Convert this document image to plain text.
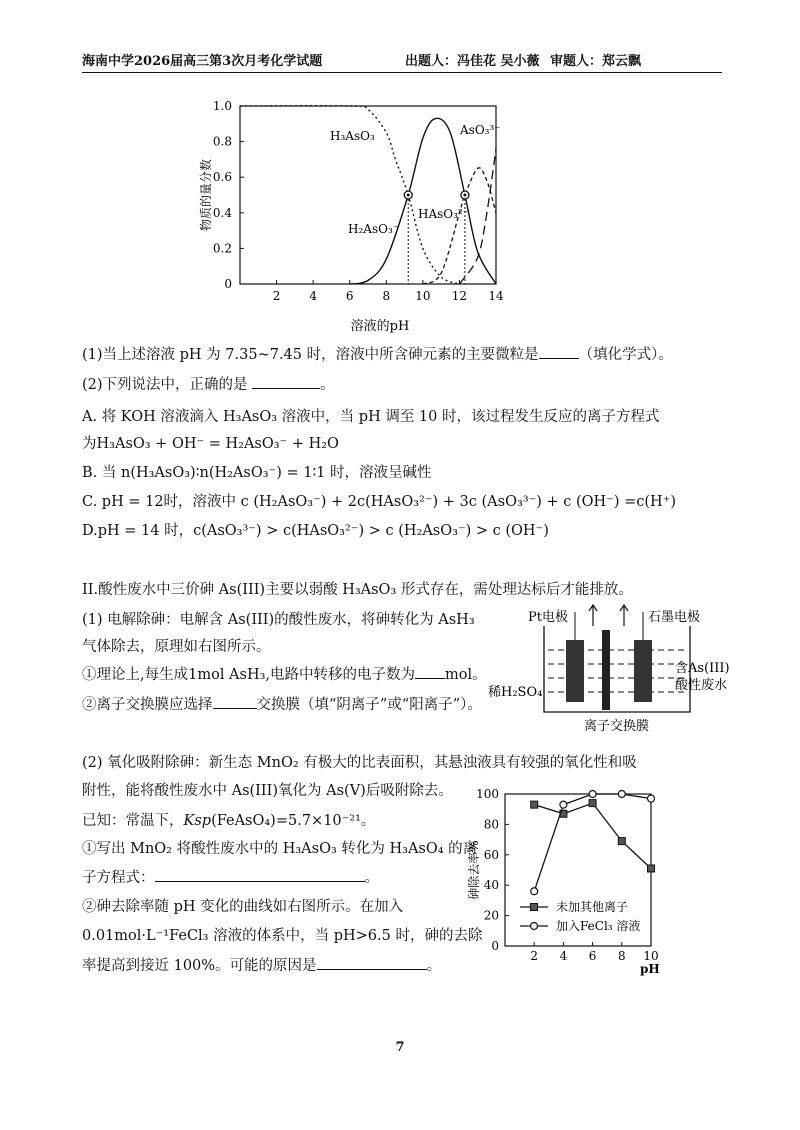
海南中学2026届高三第3次月考化学试题	出题人：冯佳花 吴小薇 审题人：郑云飘
2 4 6 8 10 12 14
0
0.2
0.4
0.6
0.8
1.0
物质的量分数
溶液的pH
H₃AsO₃
H₂AsO₃⁻
HAsO₃²⁻
AsO₃³⁻
(1)当上述溶液 pH 为 7.35~7.45 时，溶液中所含砷元素的主要微粒是	（填化学式）。
(2)下列说法中，正确的是	。
A. 将 KOH 溶液滴入 H₃AsO₃ 溶液中，当 pH 调至 10 时，该过程发生反应的离子方程式
为H₃AsO₃ + OH⁻ = H₂AsO₃⁻ + H₂O
B. 当 n(H₃AsO₃)∶n(H₂AsO₃⁻) = 1∶1 时，溶液呈碱性
C. pH = 12时，溶液中 c (H₂AsO₃⁻) + 2c(HAsO₃²⁻) + 3c (AsO₃³⁻) + c (OH⁻) =c(H⁺)
D.pH = 14 时，c(AsO₃³⁻) > c(HAsO₃²⁻) > c (H₂AsO₃⁻) > c (OH⁻)
II.酸性废水中三价砷 As(III)主要以弱酸 H₃AsO₃ 形式存在，需处理达标后才能排放。
(1) 电解除砷：电解含 As(III)的酸性废水，将砷转化为 AsH₃
气体除去，原理如右图所示。
①理论上,每生成1mol AsH₃,电路中转移的电子数为 mol。
②离子交换膜应选择	交换膜（填“阴离子”或“阳离子”）。
Pt电极	石墨电极
稀H₂SO₄
含As(III)
酸性废水
离子交换膜
(2) 氧化吸附除砷：新生态 MnO₂ 有极大的比表面积，其悬浊液具有较强的氧化性和吸
附性，能将酸性废水中 As(III)氧化为 As(V)后吸附除去。
已知：常温下，Ksp(FeAsO₄)=5.7×10⁻²¹。
①写出 MnO₂ 将酸性废水中的 H₃AsO₃ 转化为 H₃AsO₄ 的离
子方程式：	。
②砷去除率随 pH 变化的曲线如右图所示。在加入
0.01mol·L⁻¹FeCl₃ 溶液的体系中，当 pH>6.5 时，砷的去除
率提高到接近 100%。可能的原因是	。
2 4 6 8 10
0
20
40
60
80
100
未加其他离子
加入FeCl₃ 溶液
砷除去率%
pH
7
